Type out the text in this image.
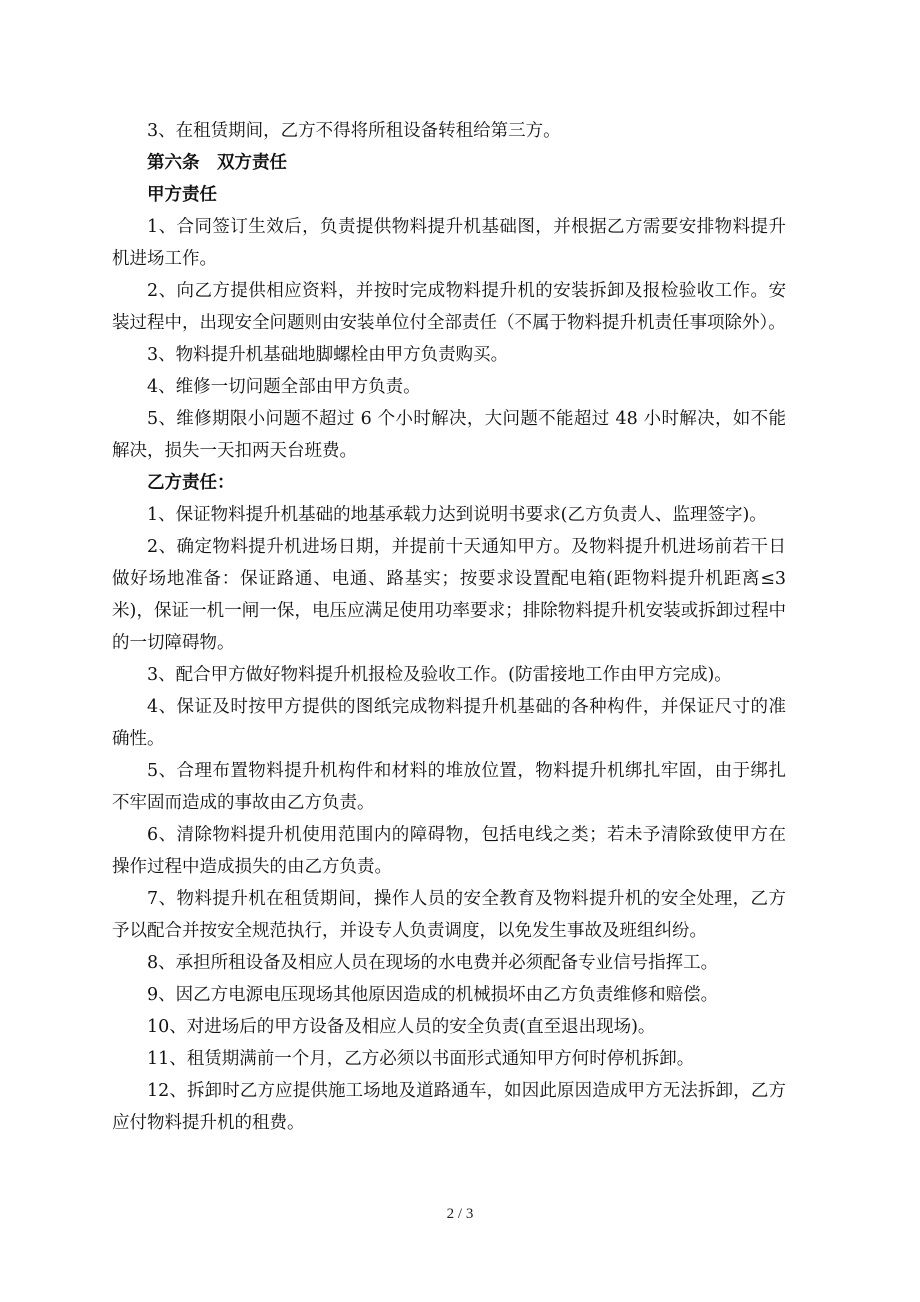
3、在租赁期间，乙方不得将所租设备转租给第三方。

第六条　双方责任

甲方责任

1、合同签订生效后，负责提供物料提升机基础图，并根据乙方需要安排物料提升机进场工作。

2、向乙方提供相应资料，并按时完成物料提升机的安装拆卸及报检验收工作。安装过程中，出现安全问题则由安装单位付全部责任（不属于物料提升机责任事项除外）。

3、物料提升机基础地脚螺栓由甲方负责购买。

4、维修一切问题全部由甲方负责。

5、维修期限小问题不超过 6 个小时解决，大问题不能超过 48 小时解决，如不能解决，损失一天扣两天台班费。

乙方责任：

1、保证物料提升机基础的地基承载力达到说明书要求(乙方负责人、监理签字)。

2、确定物料提升机进场日期，并提前十天通知甲方。及物料提升机进场前若干日做好场地准备：保证路通、电通、路基实；按要求设置配电箱(距物料提升机距离≤3 米)，保证一机一闸一保，电压应满足使用功率要求；排除物料提升机安装或拆卸过程中的一切障碍物。

3、配合甲方做好物料提升机报检及验收工作。(防雷接地工作由甲方完成)。

4、保证及时按甲方提供的图纸完成物料提升机基础的各种构件，并保证尺寸的准确性。

5、合理布置物料提升机构件和材料的堆放位置，物料提升机绑扎牢固，由于绑扎不牢固而造成的事故由乙方负责。

6、清除物料提升机使用范围内的障碍物，包括电线之类；若未予清除致使甲方在操作过程中造成损失的由乙方负责。

7、物料提升机在租赁期间，操作人员的安全教育及物料提升机的安全处理，乙方予以配合并按安全规范执行，并设专人负责调度，以免发生事故及班组纠纷。

8、承担所租设备及相应人员在现场的水电费并必须配备专业信号指挥工。

9、因乙方电源电压现场其他原因造成的机械损坏由乙方负责维修和赔偿。

10、对进场后的甲方设备及相应人员的安全负责(直至退出现场)。

11、租赁期满前一个月，乙方必须以书面形式通知甲方何时停机拆卸。

12、拆卸时乙方应提供施工场地及道路通车，如因此原因造成甲方无法拆卸，乙方应付物料提升机的租费。

2 / 3
